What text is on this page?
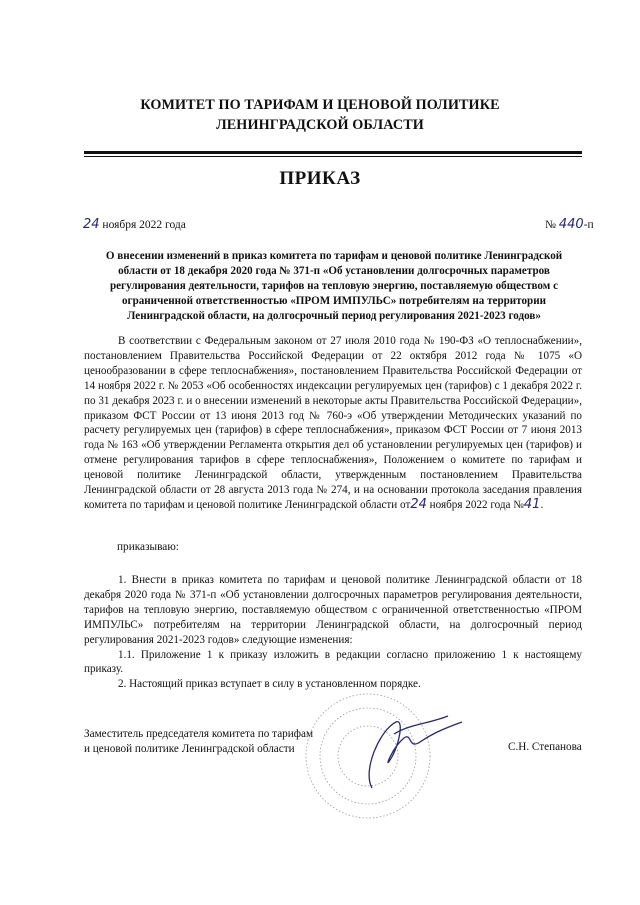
КОМИТЕТ ПО ТАРИФАМ И ЦЕНОВОЙ ПОЛИТИКЕ
ЛЕНИНГРАДСКОЙ ОБЛАСТИ
ПРИКАЗ
24 ноября 2022 года	№ 440-п
О внесении изменений в приказ комитета по тарифам и ценовой политике Ленинградской
области от 18 декабря 2020 года № 371-п «Об установлении долгосрочных параметров
регулирования деятельности, тарифов на тепловую энергию, поставляемую обществом с
ограниченной ответственностью «ПРОМ ИМПУЛЬС» потребителям на территории
Ленинградской области, на долгосрочный период регулирования 2021-2023 годов»

В соответствии с Федеральным законом от 27 июля 2010 года № 190-ФЗ «О теплоснабжении», постановлением Правительства Российской Федерации от 22 октября 2012 года № 1075 «О ценообразовании в сфере теплоснабжения», постановлением Правительства Российской Федерации от 14 ноября 2022 г. № 2053 «Об особенностях индексации регулируемых цен (тарифов) с 1 декабря 2022 г. по 31 декабря 2023 г. и о внесении изменений в некоторые акты Правительства Российской Федерации», приказом ФСТ России от 13 июня 2013 год № 760-э «Об утверждении Методических указаний по расчету регулируемых цен (тарифов) в сфере теплоснабжения», приказом ФСТ России от 7 июня 2013 года № 163 «Об утверждении Регламента открытия дел об установлении регулируемых цен (тарифов) и отмене регулирования тарифов в сфере теплоснабжения», Положением о комитете по тарифам и ценовой политике Ленинградской области, утвержденным постановлением Правительства Ленинградской области от 28 августа 2013 года № 274, и на основании протокола заседания правления комитета по тарифам и ценовой политике Ленинградской области от24 ноября 2022 года №41.

приказываю:

1. Внести в приказ комитета по тарифам и ценовой политике Ленинградской области от 18 декабря 2020 года № 371-п «Об установлении долгосрочных параметров регулирования деятельности, тарифов на тепловую энергию, поставляемую обществом с ограниченной ответственностью «ПРОМ ИМПУЛЬС» потребителям на территории Ленинградской области, на долгосрочный период регулирования 2021-2023 годов» следующие изменения:

1.1. Приложение 1 к приказу изложить в редакции согласно приложению 1 к настоящему приказу.

2. Настоящий приказ вступает в силу в установленном порядке.

Заместитель председателя комитета по тарифам
и ценовой политике Ленинградской области	С.Н. Степанова
